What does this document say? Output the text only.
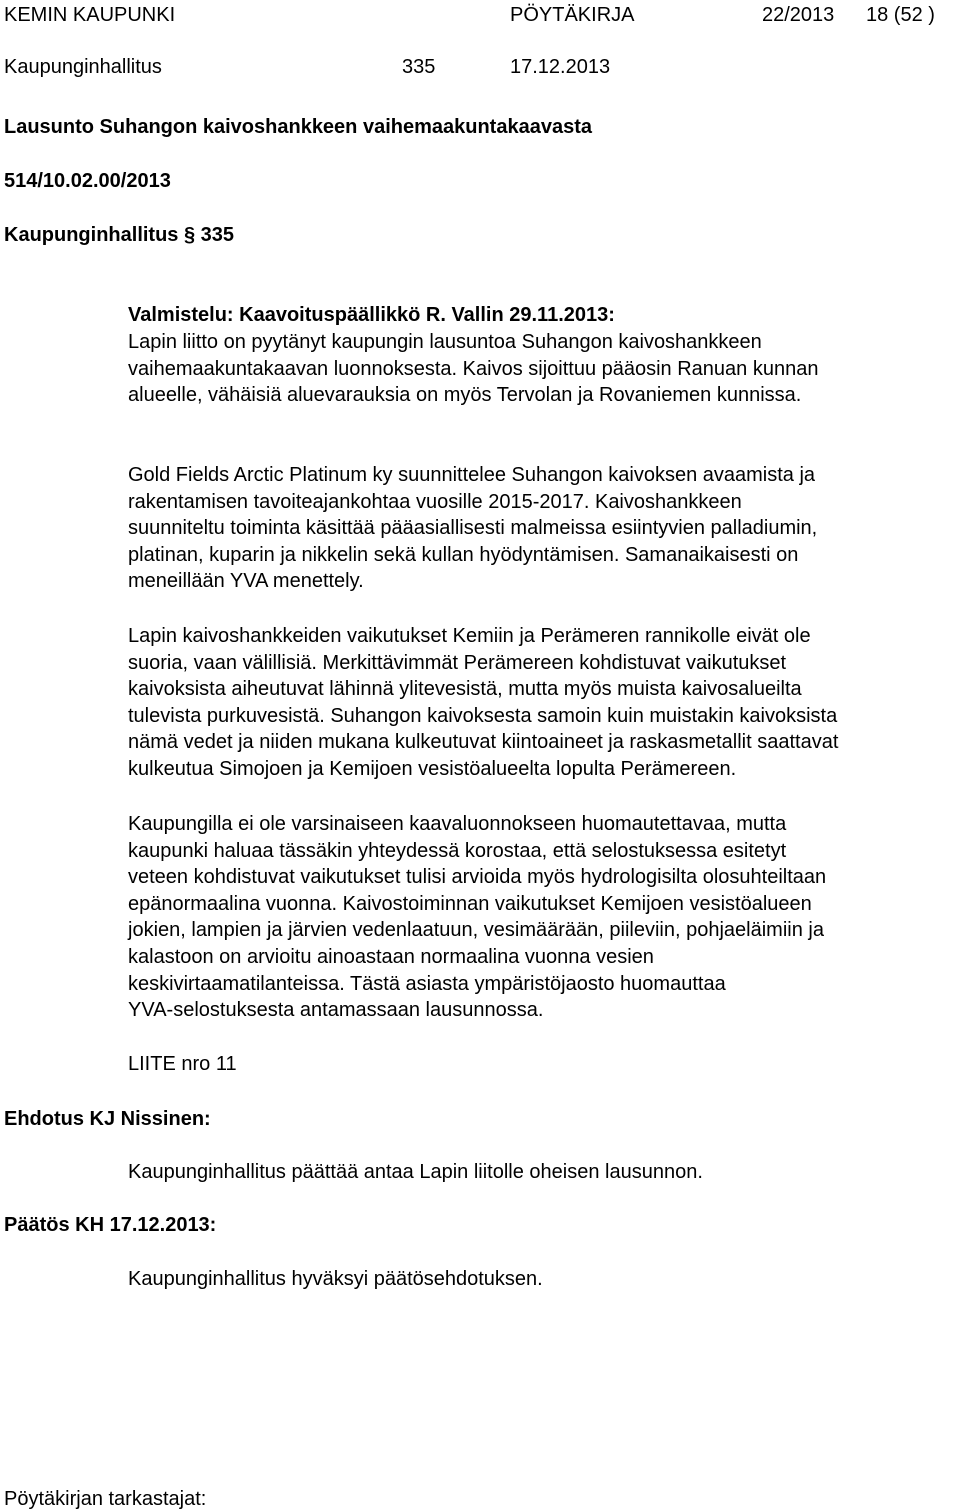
KEMIN KAUPUNKI	PÖYTÄKIRJA	22/2013 18 (52 )
Kaupunginhallitus	335	17.12.2013
Lausunto Suhangon kaivoshankkeen vaihemaakuntakaavasta
514/10.02.00/2013
Kaupunginhallitus § 335
Valmistelu: Kaavoituspäällikkö R. Vallin 29.11.2013:
Lapin liitto on pyytänyt kaupungin lausuntoa Suhangon kaivoshankkeen
vaihemaakuntakaavan luonnoksesta. Kaivos sijoittuu pääosin Ranuan kunnan
alueelle, vähäisiä aluevarauksia on myös Tervolan ja Rovaniemen kunnissa.
Gold Fields Arctic Platinum ky suunnittelee Suhangon kaivoksen avaamista ja
rakentamisen tavoiteajankohtaa vuosille 2015-2017. Kaivoshankkeen
suunniteltu toiminta käsittää pääasiallisesti malmeissa esiintyvien palladiumin,
platinan, kuparin ja nikkelin sekä kullan hyödyntämisen. Samanaikaisesti on
meneillään YVA menettely.
Lapin kaivoshankkeiden vaikutukset Kemiin ja Perämeren rannikolle eivät ole
suoria, vaan välillisiä. Merkittävimmät Perämereen kohdistuvat vaikutukset
kaivoksista aiheutuvat lähinnä ylitevesistä, mutta myös muista kaivosalueilta
tulevista purkuvesistä. Suhangon kaivoksesta samoin kuin muistakin kaivoksista
nämä vedet ja niiden mukana kulkeutuvat kiintoaineet ja raskasmetallit saattavat
kulkeutua Simojoen ja Kemijoen vesistöalueelta lopulta Perämereen.
Kaupungilla ei ole varsinaiseen kaavaluonnokseen huomautettavaa, mutta
kaupunki haluaa tässäkin yhteydessä korostaa, että selostuksessa esitetyt
veteen kohdistuvat vaikutukset tulisi arvioida myös hydrologisilta olosuhteiltaan
epänormaalina vuonna. Kaivostoiminnan vaikutukset Kemijoen vesistöalueen
jokien, lampien ja järvien vedenlaatuun, vesimäärään, piileviin, pohjaeläimiin ja
kalastoon on arvioitu ainoastaan normaalina vuonna vesien
keskivirtaamatilanteissa. Tästä asiasta ympäristöjaosto huomauttaa
YVA-selostuksesta antamassaan lausunnossa.
LIITE nro 11
Ehdotus KJ Nissinen:
Kaupunginhallitus päättää antaa Lapin liitolle oheisen lausunnon.
Päätös KH 17.12.2013:
Kaupunginhallitus hyväksyi päätösehdotuksen.
Pöytäkirjan tarkastajat:
